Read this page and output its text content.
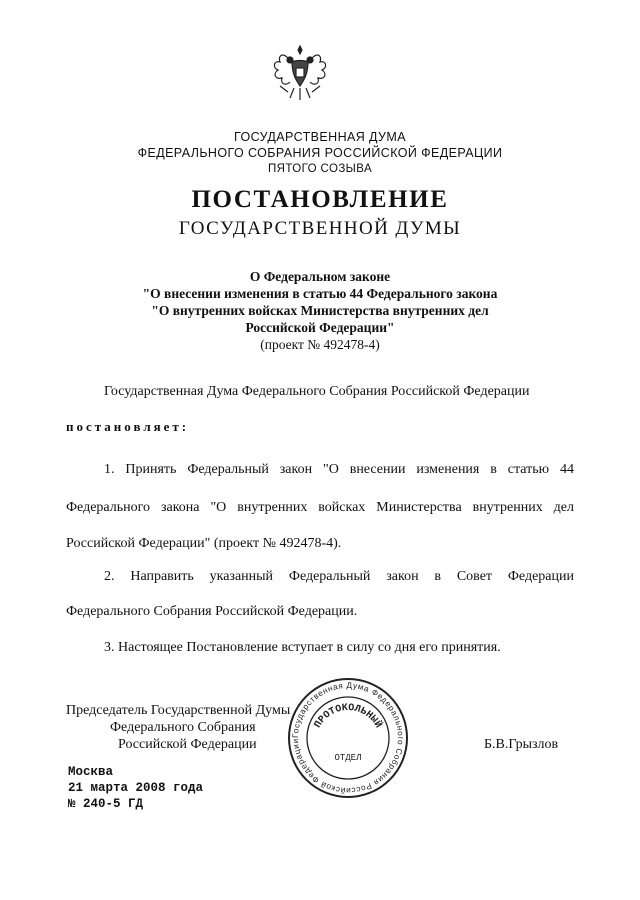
ГОСУДАРСТВЕННАЯ ДУМА
ФЕДЕРАЛЬНОГО СОБРАНИЯ РОССИЙСКОЙ ФЕДЕРАЦИИ
ПЯТОГО СОЗЫВА
ПОСТАНОВЛЕНИЕ
ГОСУДАРСТВЕННОЙ ДУМЫ
О Федеральном законе
"О внесении изменения в статью 44 Федерального закона
"О внутренних войсках Министерства внутренних дел
Российской Федерации"
(проект № 492478-4)
Государственная Дума Федерального Собрания Российской Федерации
постановляет:
1. Принять Федеральный закон "О внесении изменения в статью 44
Федерального закона "О внутренних войсках Министерства внутренних дел
Российской Федерации" (проект № 492478-4).
2. Направить указанный Федеральный закон в Совет Федерации
Федерального Собрания Российской Федерации.
3. Настоящее Постановление вступает в силу со дня его принятия.
Председатель Государственной Думы
Федерального Собрания
Российской Федерации	Б.В.Грызлов
Государственная Дума Федерального Собрания Российской Федерации
ПРОТОКОЛЬНЫЙ
ОТДЕЛ
Москва
21 марта 2008 года
№ 240-5 ГД
